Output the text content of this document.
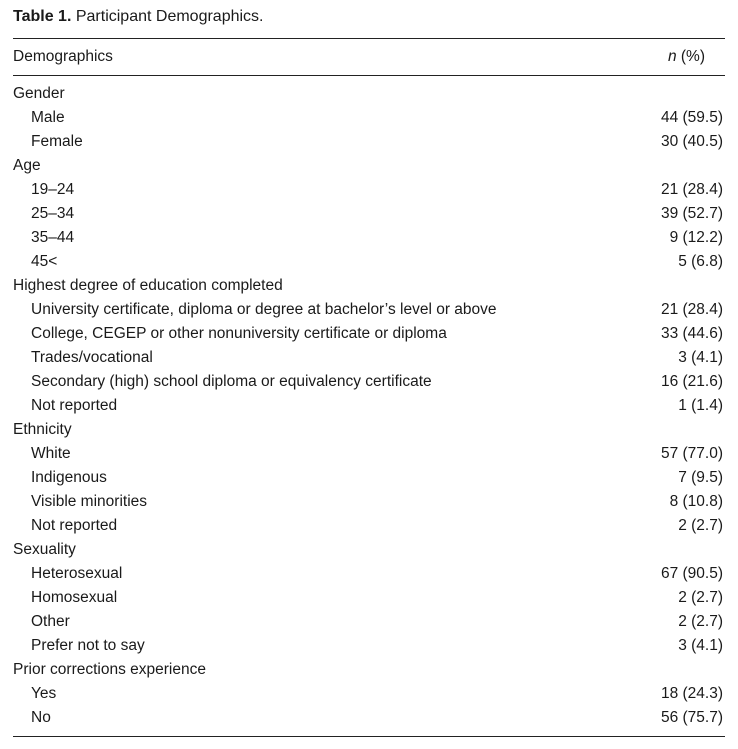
Table 1. Participant Demographics.
Demographics	n (%)
Gender
Male	44 (59.5)
Female	30 (40.5)
Age
19–24	21 (28.4)
25–34	39 (52.7)
35–44	9 (12.2)
45<	5 (6.8)
Highest degree of education completed
University certificate, diploma or degree at bachelor’s level or above	21 (28.4)
College, CEGEP or other nonuniversity certificate or diploma	33 (44.6)
Trades/vocational	3 (4.1)
Secondary (high) school diploma or equivalency certificate	16 (21.6)
Not reported	1 (1.4)
Ethnicity
White	57 (77.0)
Indigenous	7 (9.5)
Visible minorities	8 (10.8)
Not reported	2 (2.7)
Sexuality
Heterosexual	67 (90.5)
Homosexual	2 (2.7)
Other	2 (2.7)
Prefer not to say	3 (4.1)
Prior corrections experience
Yes	18 (24.3)
No	56 (75.7)
